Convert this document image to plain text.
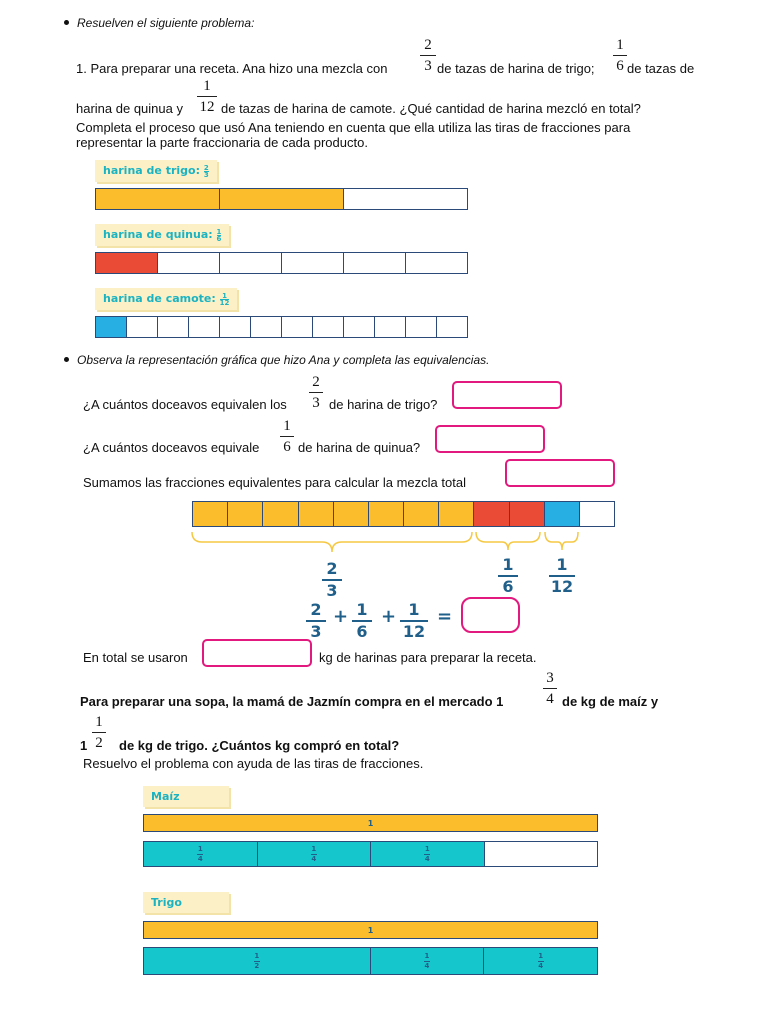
Resuelven el siguiente problema:
1. Para preparar una receta. Ana hizo una mezcla con
2
3 de tazas de harina de trigo;
1
6 de tazas de
harina de quinua y
1
12 de tazas de harina de camote. ¿Qué cantidad de harina mezcló en total?
Completa el proceso que usó Ana teniendo en cuenta que ella utiliza las tiras de fracciones para
representar la parte fraccionaria de cada producto.
harina de trigo: $\frac{2}{3}$
harina de quinua: $\frac{1}{6}$
harina de camote: $\frac{1}{12}$
Observa la representación gráfica que hizo Ana y completa las equivalencias.
¿A cuántos doceavos equivalen los
2
3 de harina de trigo?
¿A cuántos doceavos equivale
1
6 de harina de quinua?
Sumamos las fracciones equivalentes para calcular la mezcla total
2
3
1
6
1
12
2
3
+ 1
6
+ 1
12
=
En total se usaron	kg de harinas para preparar la receta.
Para preparar una sopa, la mamá de Jazmín compra en el mercado 1
3
4 de kg de maíz y
1
1
2 de kg de trigo. ¿Cuántos kg compró en total?
Resuelvo el problema con ayuda de las tiras de fracciones.
Maíz
1
1
4
1
4
1
4
Trigo
1
1
2
1
4
1
4
